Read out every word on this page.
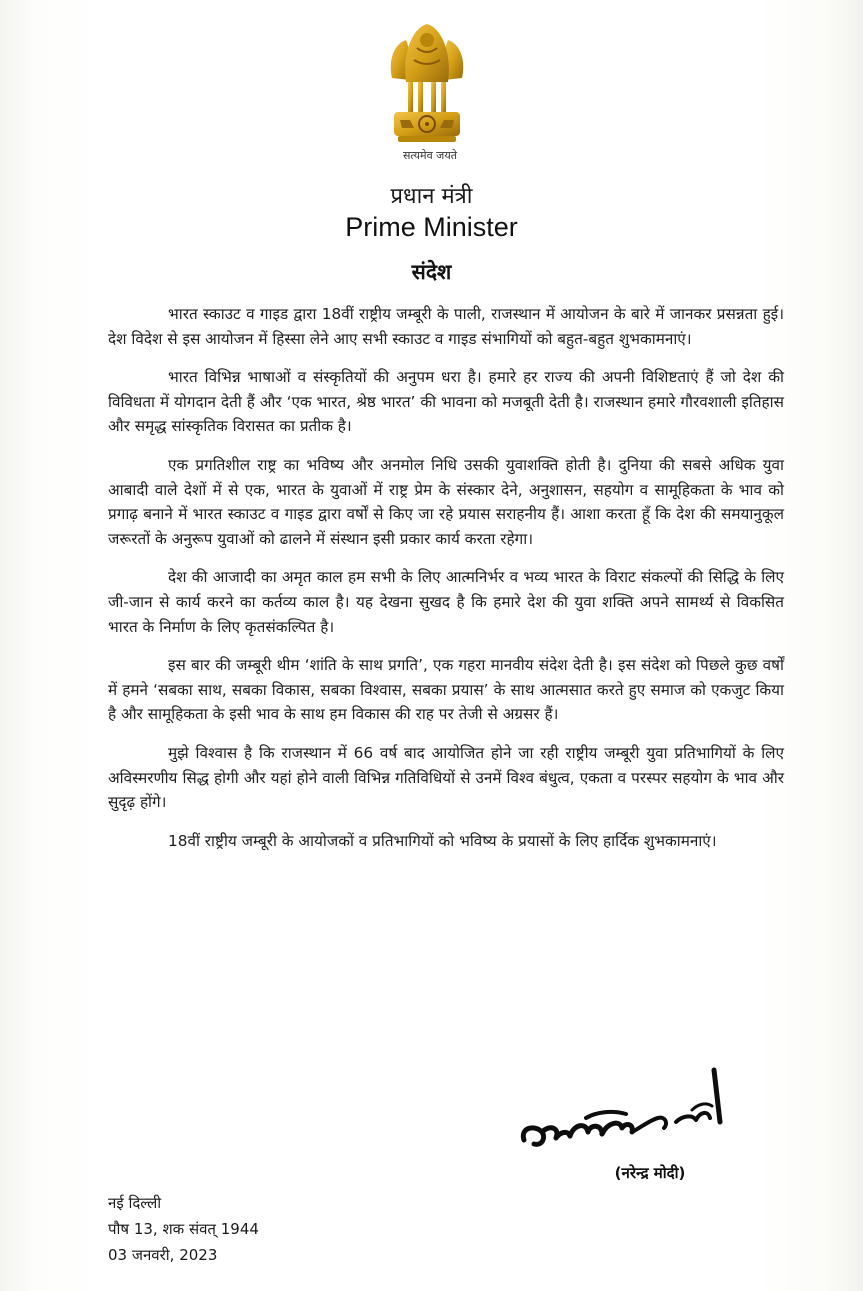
सत्यमेव जयते
प्रधान मंत्री
Prime Minister
संदेश

भारत स्काउट व गाइड द्वारा 18वीं राष्ट्रीय जम्बूरी के पाली, राजस्थान में आयोजन के बारे में जानकर प्रसन्नता हुई। देश विदेश से इस आयोजन में हिस्सा लेने आए सभी स्काउट व गाइड संभागियों को बहुत-बहुत शुभकामनाएं।

भारत विभिन्न भाषाओं व संस्कृतियों की अनुपम धरा है। हमारे हर राज्य की अपनी विशिष्टताएं हैं जो देश की विविधता में योगदान देती हैं और ‘एक भारत, श्रेष्ठ भारत’ की भावना को मजबूती देती है। राजस्थान हमारे गौरवशाली इतिहास और समृद्ध सांस्कृतिक विरासत का प्रतीक है।

एक प्रगतिशील राष्ट्र का भविष्य और अनमोल निधि उसकी युवाशक्ति होती है। दुनिया की सबसे अधिक युवा आबादी वाले देशों में से एक, भारत के युवाओं में राष्ट्र प्रेम के संस्कार देने, अनुशासन, सहयोग व सामूहिकता के भाव को प्रगाढ़ बनाने में भारत स्काउट व गाइड द्वारा वर्षों से किए जा रहे प्रयास सराहनीय हैं। आशा करता हूँ कि देश की समयानुकूल जरूरतों के अनुरूप युवाओं को ढालने में संस्थान इसी प्रकार कार्य करता रहेगा।

देश की आजादी का अमृत काल हम सभी के लिए आत्मनिर्भर व भव्य भारत के विराट संकल्पों की सिद्धि के लिए जी-जान से कार्य करने का कर्तव्य काल है। यह देखना सुखद है कि हमारे देश की युवा शक्ति अपने सामर्थ्य से विकसित भारत के निर्माण के लिए कृतसंकल्पित है।

इस बार की जम्बूरी थीम ‘शांति के साथ प्रगति’, एक गहरा मानवीय संदेश देती है। इस संदेश को पिछले कुछ वर्षों में हमने ‘सबका साथ, सबका विकास, सबका विश्वास, सबका प्रयास’ के साथ आत्मसात करते हुए समाज को एकजुट किया है और सामूहिकता के इसी भाव के साथ हम विकास की राह पर तेजी से अग्रसर हैं।

मुझे विश्वास है कि राजस्थान में 66 वर्ष बाद आयोजित होने जा रही राष्ट्रीय जम्बूरी युवा प्रतिभागियों के लिए अविस्मरणीय सिद्ध होगी और यहां होने वाली विभिन्न गतिविधियों से उनमें विश्व बंधुत्व, एकता व परस्पर सहयोग के भाव और सुदृढ़ होंगे।

18वीं राष्ट्रीय जम्बूरी के आयोजकों व प्रतिभागियों को भविष्य के प्रयासों के लिए हार्दिक शुभकामनाएं।

(नरेन्द्र मोदी)
नई दिल्ली
पौष 13, शक संवत् 1944
03 जनवरी, 2023
